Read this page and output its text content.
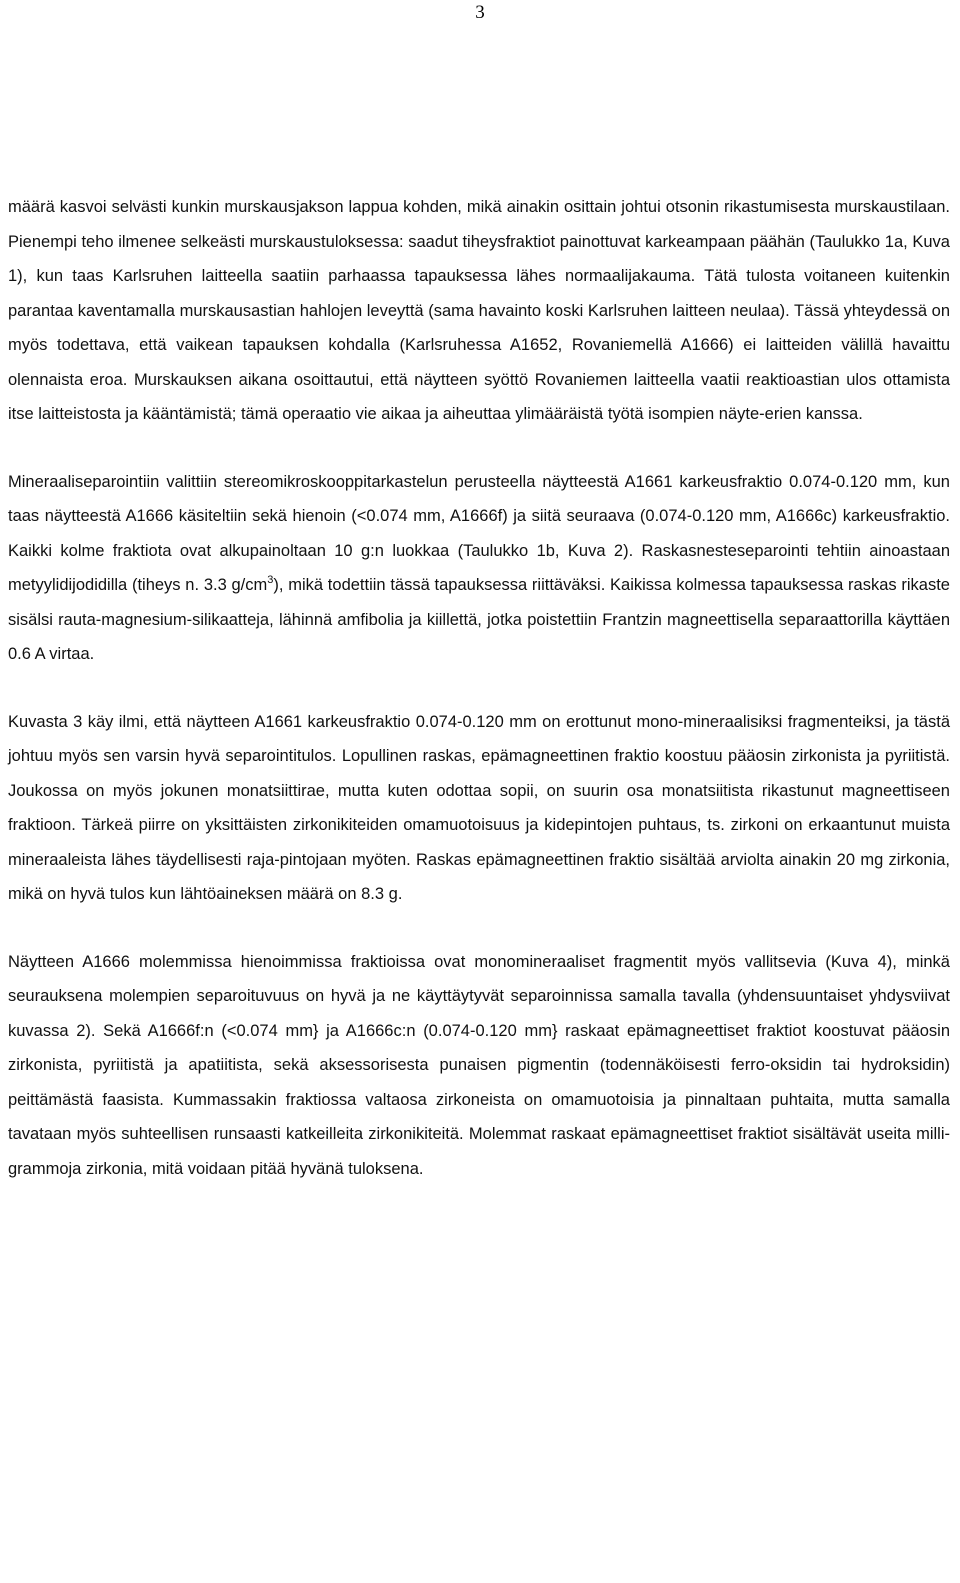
3

määrä kasvoi selvästi kunkin murskausjakson lappua kohden, mikä ainakin osittain johtui otsonin rikastumisesta murskaustilaan. Pienempi teho ilmenee selkeästi murskaustuloksessa: saadut tiheysfraktiot painottuvat karkeampaan päähän (Taulukko 1a, Kuva 1), kun taas Karlsruhen laitteella saatiin parhaassa tapauksessa lähes normaalijakauma. Tätä tulosta voitaneen kuitenkin parantaa kaventamalla murskausastian hahlojen leveyttä (sama havainto koski Karlsruhen laitteen neulaa). Tässä yhteydessä on myös todettava, että vaikean tapauksen kohdalla (Karlsruhessa A1652, Rovaniemellä A1666) ei laitteiden välillä havaittu olennaista eroa. Murskauksen aikana osoittautui, että näytteen syöttö Rovaniemen laitteella vaatii reaktioastian ulos ottamista itse laitteistosta ja kääntämistä; tämä operaatio vie aikaa ja aiheuttaa ylimääräistä työtä isompien näyte-erien kanssa.

Mineraaliseparointiin valittiin stereomikroskooppitarkastelun perusteella näytteestä A1661 karkeusfraktio 0.074-0.120 mm, kun taas näytteestä A1666 käsiteltiin sekä hienoin (<0.074 mm, A1666f) ja siitä seuraava (0.074-0.120 mm, A1666c) karkeusfraktio. Kaikki kolme fraktiota ovat alkupainoltaan 10 g:n luokkaa (Taulukko 1b, Kuva 2). Raskasnesteseparointi tehtiin ainoastaan metyylidijodidilla (tiheys n. 3.3 $g/cm^3$), mikä todettiin tässä tapauksessa riittäväksi. Kaikissa kolmessa tapauksessa raskas rikaste sisälsi rauta-magnesium-silikaatteja, lähinnä amfibolia ja kiillettä, jotka poistettiin Frantzin magneettisella separaattorilla käyttäen 0.6 A virtaa.

Kuvasta 3 käy ilmi, että näytteen A1661 karkeusfraktio 0.074-0.120 mm on erottunut mono-mineraalisiksi fragmenteiksi, ja tästä johtuu myös sen varsin hyvä separointitulos. Lopullinen raskas, epämagneettinen fraktio koostuu pääosin zirkonista ja pyriitistä. Joukossa on myös jokunen monatsiittirae, mutta kuten odottaa sopii, on suurin osa monatsiitista rikastunut magneettiseen fraktioon. Tärkeä piirre on yksittäisten zirkonikiteiden omamuotoisuus ja kidepintojen puhtaus, ts. zirkoni on erkaantunut muista mineraaleista lähes täydellisesti raja-pintojaan myöten. Raskas epämagneettinen fraktio sisältää arviolta ainakin 20 mg zirkonia, mikä on hyvä tulos kun lähtöaineksen määrä on 8.3 g.

Näytteen A1666 molemmissa hienoimmissa fraktioissa ovat monomineraaliset fragmentit myös vallitsevia (Kuva 4), minkä seurauksena molempien separoituvuus on hyvä ja ne käyttäytyvät separoinnissa samalla tavalla (yhdensuuntaiset yhdysviivat kuvassa 2). Sekä A1666f:n (<0.074 mm} ja A1666c:n (0.074-0.120 mm} raskaat epämagneettiset fraktiot koostuvat pääosin zirkonista, pyriitistä ja apatiitista, sekä aksessorisesta punaisen pigmentin (todennäköisesti ferro-oksidin tai hydroksidin) peittämästä faasista. Kummassakin fraktiossa valtaosa zirkoneista on omamuotoisia ja pinnaltaan puhtaita, mutta samalla tavataan myös suhteellisen runsaasti katkeilleita zirkonikiteitä. Molemmat raskaat epämagneettiset fraktiot sisältävät useita milli-grammoja zirkonia, mitä voidaan pitää hyvänä tuloksena.
